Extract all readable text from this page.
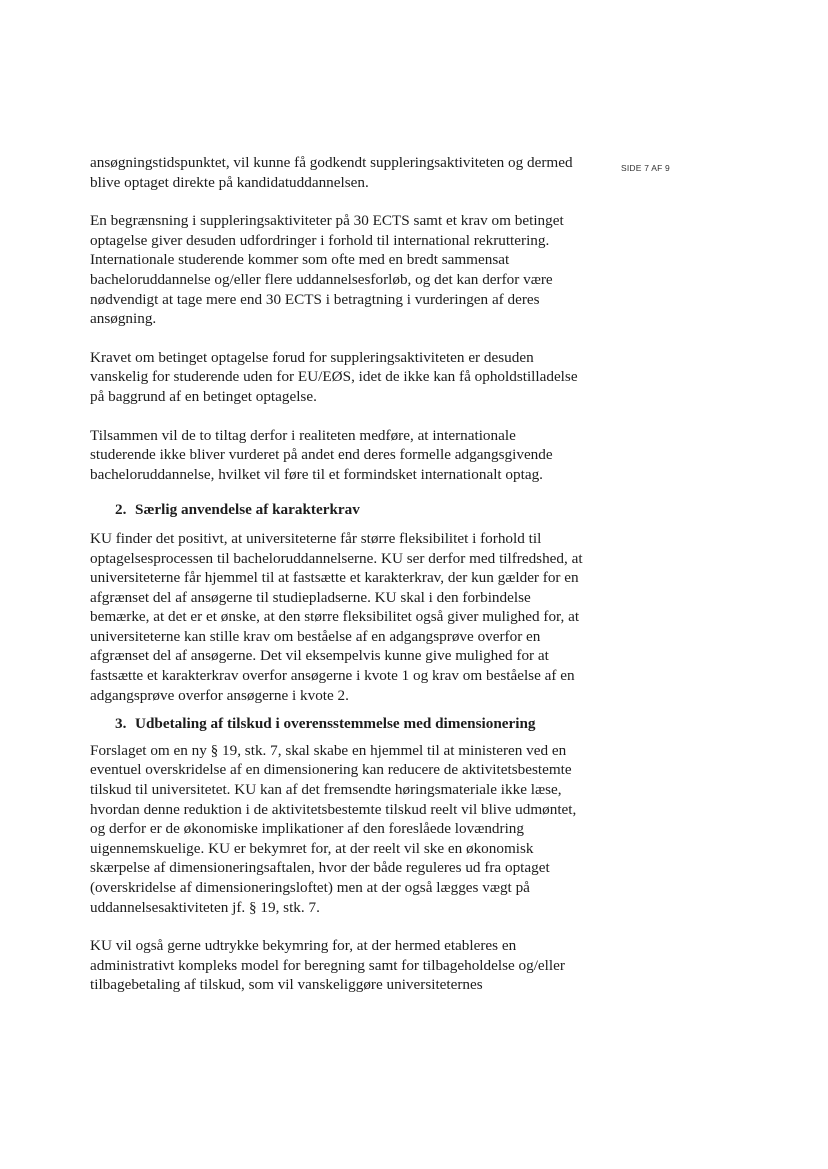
SIDE 7 AF 9

ansøgningstidspunktet, vil kunne få godkendt suppleringsaktiviteten og dermed blive optaget direkte på kandidatuddannelsen.

En begrænsning i suppleringsaktiviteter på 30 ECTS samt et krav om betinget optagelse giver desuden udfordringer i forhold til international rekruttering. Internationale studerende kommer som ofte med en bredt sammensat bacheloruddannelse og/eller flere uddannelsesforløb, og det kan derfor være nødvendigt at tage mere end 30 ECTS i betragtning i vurderingen af deres ansøgning.

Kravet om betinget optagelse forud for suppleringsaktiviteten er desuden vanskelig for studerende uden for EU/EØS, idet de ikke kan få opholdstilladelse på baggrund af en betinget optagelse.

Tilsammen vil de to tiltag derfor i realiteten medføre, at internationale studerende ikke bliver vurderet på andet end deres formelle adgangsgivende bacheloruddannelse, hvilket vil føre til et formindsket internationalt optag.

2. Særlig anvendelse af karakterkrav

KU finder det positivt, at universiteterne får større fleksibilitet i forhold til optagelsesprocessen til bacheloruddannelserne. KU ser derfor med tilfredshed, at universiteterne får hjemmel til at fastsætte et karakterkrav, der kun gælder for en afgrænset del af ansøgerne til studiepladserne. KU skal i den forbindelse bemærke, at det er et ønske, at den større fleksibilitet også giver mulighed for, at universiteterne kan stille krav om beståelse af en adgangsprøve overfor en afgrænset del af ansøgerne. Det vil eksempelvis kunne give mulighed for at fastsætte et karakterkrav overfor ansøgerne i kvote 1 og krav om beståelse af en adgangsprøve overfor ansøgerne i kvote 2.

3. Udbetaling af tilskud i overensstemmelse med dimensionering

Forslaget om en ny § 19, stk. 7, skal skabe en hjemmel til at ministeren ved en eventuel overskridelse af en dimensionering kan reducere de aktivitetsbestemte tilskud til universitetet. KU kan af det fremsendte høringsmateriale ikke læse, hvordan denne reduktion i de aktivitetsbestemte tilskud reelt vil blive udmøntet, og derfor er de økonomiske implikationer af den foreslåede lovændring uigennemskuelige. KU er bekymret for, at der reelt vil ske en økonomisk skærpelse af dimensioneringsaftalen, hvor der både reguleres ud fra optaget (overskridelse af dimensioneringsloftet) men at der også lægges vægt på uddannelsesaktiviteten jf. § 19, stk. 7.

KU vil også gerne udtrykke bekymring for, at der hermed etableres en administrativt kompleks model for beregning samt for tilbageholdelse og/eller tilbagebetaling af tilskud, som vil vanskeliggøre universiteternes
